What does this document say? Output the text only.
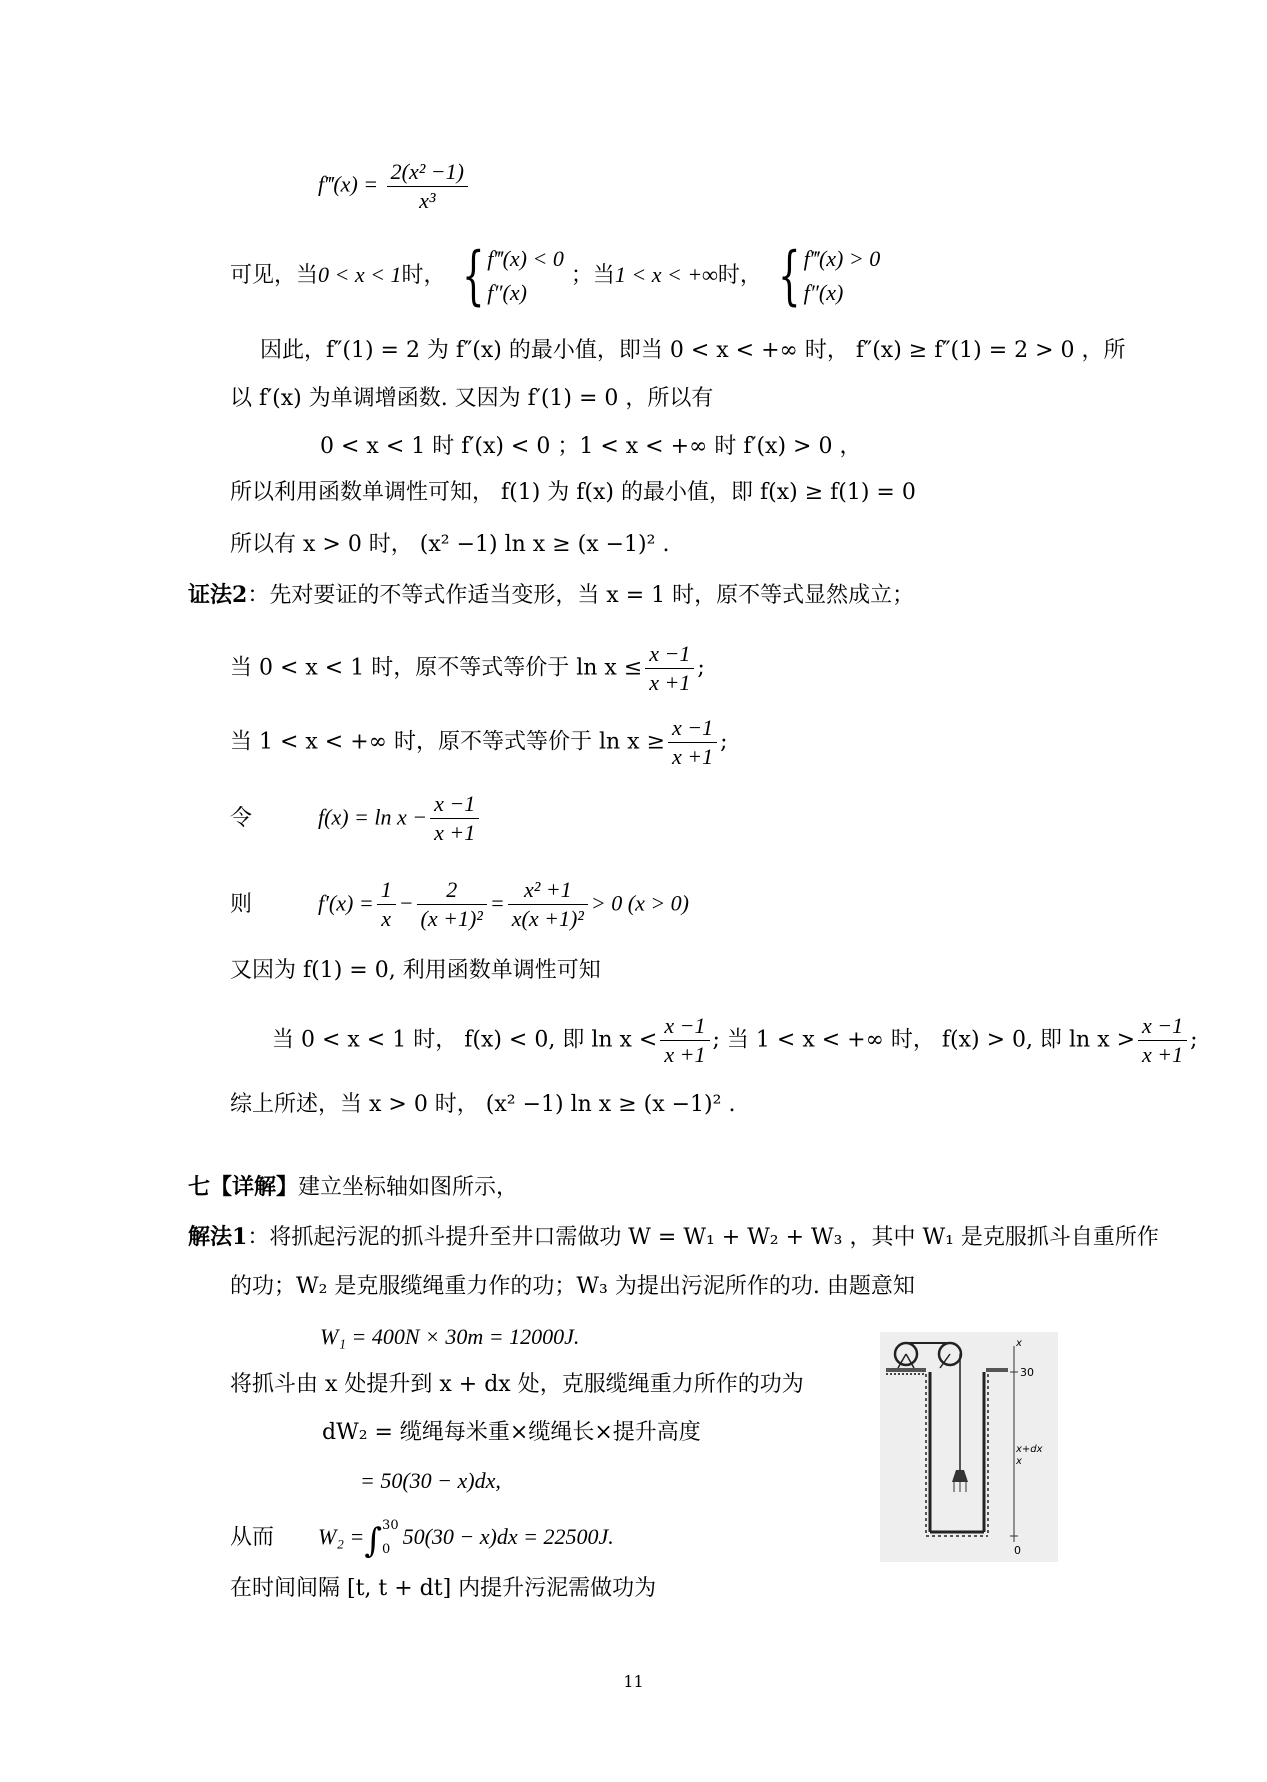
f‴(x) = $\frac{\text{2(x² −1)}}{\text{x³}}$
可见，当0 < x < 1时， { f‴(x) < 0
f″(x)
；当1 < x < +∞时， { f‴(x) > 0
f″(x)
因此，f″(1) = 2 为 f″(x) 的最小值，即当 0 < x < +∞ 时， f″(x) ≥ f″(1) = 2 > 0 ，所
以 f′(x) 为单调增函数. 又因为 f′(1) = 0 ，所以有
0 < x < 1 时 f′(x) < 0 ；1 < x < +∞ 时 f′(x) > 0 ，
所以利用函数单调性可知， f(1) 为 f(x) 的最小值，即 f(x) ≥ f(1) = 0
所以有 x > 0 时， (x² −1) ln x ≥ (x −1)² .
证法2：先对要证的不等式作适当变形，当 x = 1 时，原不等式显然成立；
当 0 < x < 1 时，原不等式等价于 $\ln x \le \frac{x -1}{x +1}$ ;
当 1 < x < +∞ 时，原不等式等价于 $\ln x \ge \frac{x -1}{x +1}$ ;
令	$f(x) = \ln x - \frac{x -1}{x +1}$
则	$f'(x) = \frac{1}{x} - \frac{2}{\text{(x +1)²}} = \frac{\text{x² +1}}{\text{x(x +1)²}} > 0$ (x > 0)
又因为 f(1) = 0, 利用函数单调性可知
当 0 < x < 1 时， f(x) < 0, 即 $\ln x < \frac{x -1}{x +1}$ ; 当 1 < x < +∞ 时， f(x) > 0, 即 $\ln x > \frac{x -1}{x +1}$ ;
综上所述，当 x > 0 时， (x² −1) ln x ≥ (x −1)² .
七【详解】建立坐标轴如图所示，
解法1：将抓起污泥的抓斗提升至井口需做功 W = W₁ + W₂ + W₃ ，其中 W₁ 是克服抓斗自重所作
的功；W₂ 是克服缆绳重力作的功；W₃ 为提出污泥所作的功. 由题意知
W₁ = 400N × 30m = 12000J.
将抓斗由 x 处提升到 x + dx 处，克服缆绳重力所作的功为
dW₂ = 缆绳每米重×缆绳长×提升高度
= 50(30 − x)dx,
从而 W₂ =∫ 30
0
50(30 − x)dx = 22500J.
在时间间隔 [t, t + dt] 内提升污泥需做功为
30
x
x+dx
x
0
11
